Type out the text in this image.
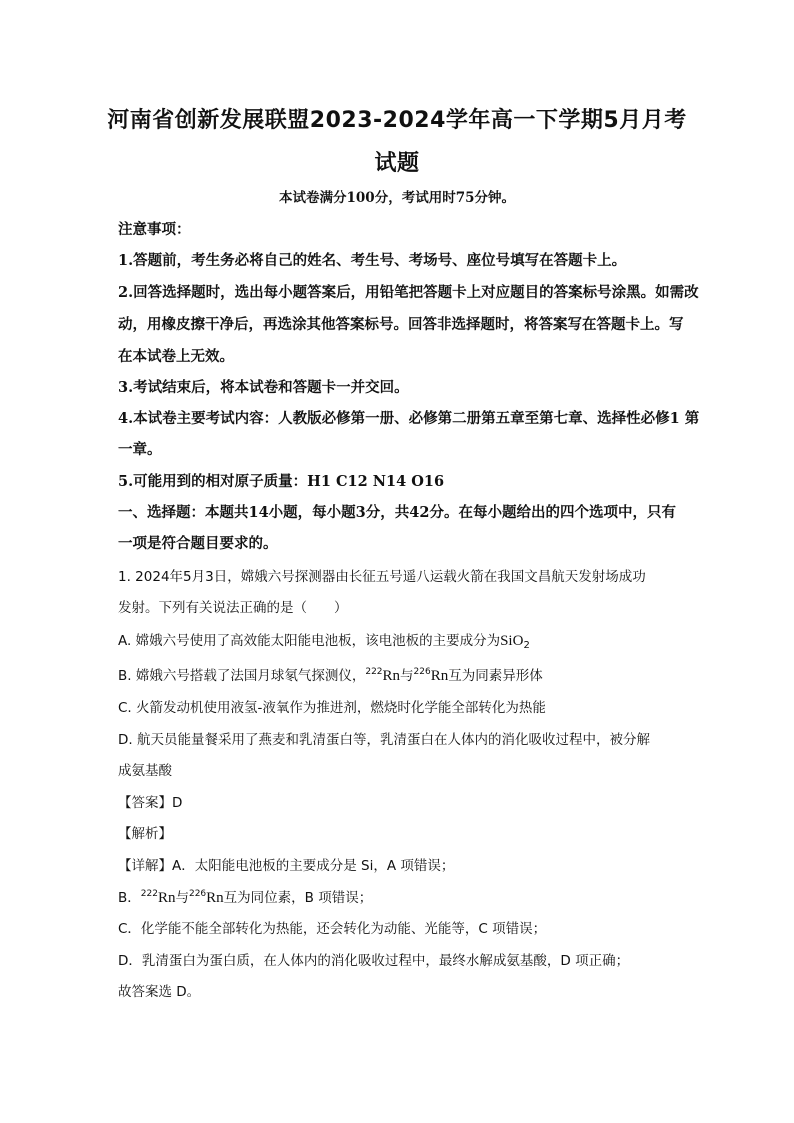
河南省创新发展联盟2023-2024学年高一下学期5月月考
试题
本试卷满分100分，考试用时75分钟。
注意事项：
1.答题前，考生务必将自己的姓名、考生号、考场号、座位号填写在答题卡上。
2.回答选择题时，选出每小题答案后，用铅笔把答题卡上对应题目的答案标号涂黑。如需改
动，用橡皮擦干净后，再选涂其他答案标号。回答非选择题时，将答案写在答题卡上。写
在本试卷上无效。
3.考试结束后，将本试卷和答题卡一并交回。
4.本试卷主要考试内容：人教版必修第一册、必修第二册第五章至第七章、选择性必修1 第
一章。
5.可能用到的相对原子质量：H1 C12 N14 O16
一、选择题：本题共14小题，每小题3分，共42分。在每小题给出的四个选项中，只有
一项是符合题目要求的。
1. 2024年5月3日，嫦娥六号探测器由长征五号遥八运载火箭在我国文昌航天发射场成功
发射。下列有关说法正确的是（　　）
A. 嫦娥六号使用了高效能太阳能电池板，该电池板的主要成分为SiO$_2$
B. 嫦娥六号搭载了法国月球氡气探测仪，$^{222}$Rn与$^{226}$Rn互为同素异形体
C. 火箭发动机使用液氢-液氧作为推进剂，燃烧时化学能全部转化为热能
D. 航天员能量餐采用了燕麦和乳清蛋白等，乳清蛋白在人体内的消化吸收过程中，被分解
成氨基酸
【答案】D
【解析】
【详解】A．太阳能电池板的主要成分是 Si，A 项错误；
B．$^{222}$Rn与$^{226}$Rn互为同位素，B 项错误；
C．化学能不能全部转化为热能，还会转化为动能、光能等，C 项错误；
D．乳清蛋白为蛋白质，在人体内的消化吸收过程中，最终水解成氨基酸，D 项正确；
故答案选 D。
